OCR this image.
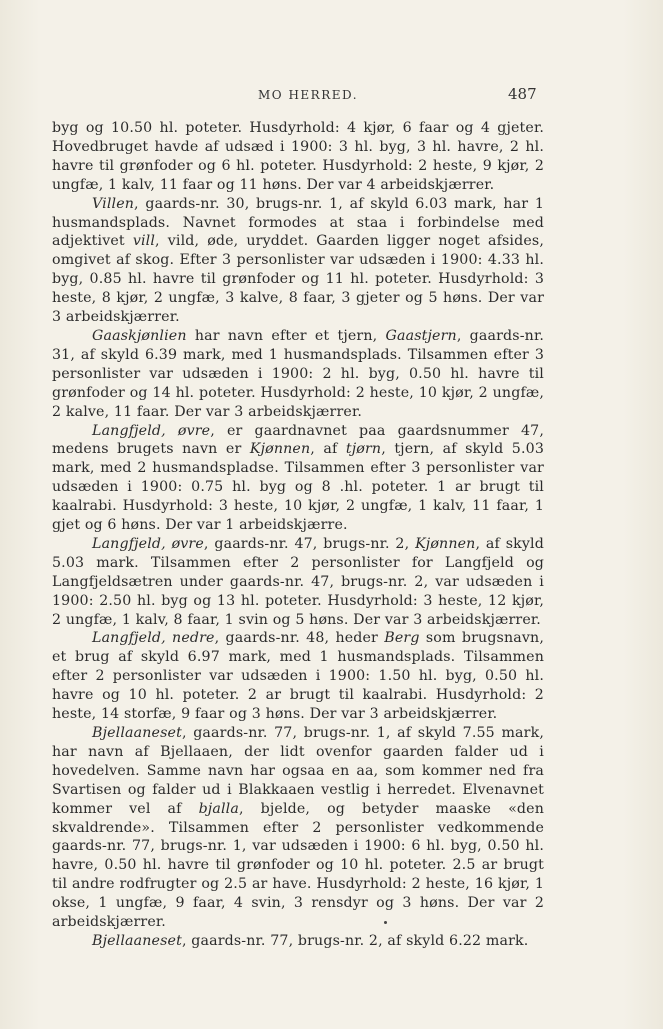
MO HERRED.	487

byg og 10.50 hl. poteter. Husdyrhold: 4 kjør, 6 faar og 4 gjeter. Hovedbruget havde af udsæd i 1900: 3 hl. byg, 3 hl. havre, 2 hl. havre til grønfoder og 6 hl. poteter. Husdyrhold: 2 heste, 9 kjør, 2 ungfæ, 1 kalv, 11 faar og 11 høns. Der var 4 arbeidskjærrer.

Villen, gaards-nr. 30, brugs-nr. 1, af skyld 6.03 mark, har 1 husmandsplads. Navnet formodes at staa i forbindelse med adjektivet vill, vild, øde, uryddet. Gaarden ligger noget afsides, omgivet af skog. Efter 3 personlister var udsæden i 1900: 4.33 hl. byg, 0.85 hl. havre til grønfoder og 11 hl. poteter. Husdyrhold: 3 heste, 8 kjør, 2 ungfæ, 3 kalve, 8 faar, 3 gjeter og 5 høns. Der var 3 arbeidskjærrer.

Gaaskjønlien har navn efter et tjern, Gaastjern, gaards-nr. 31, af skyld 6.39 mark, med 1 husmandsplads. Tilsammen efter 3 personlister var udsæden i 1900: 2 hl. byg, 0.50 hl. havre til grønfoder og 14 hl. poteter. Husdyrhold: 2 heste, 10 kjør, 2 ungfæ, 2 kalve, 11 faar. Der var 3 arbeidskjærrer.

Langfjeld, øvre, er gaardnavnet paa gaardsnummer 47, medens brugets navn er Kjønnen, af tjørn, tjern, af skyld 5.03 mark, med 2 husmandspladse. Tilsammen efter 3 personlister var udsæden i 1900: 0.75 hl. byg og 8 .hl. poteter. 1 ar brugt til kaalrabi. Husdyrhold: 3 heste, 10 kjør, 2 ungfæ, 1 kalv, 11 faar, 1 gjet og 6 høns. Der var 1 arbeidskjærre.

Langfjeld, øvre, gaards-nr. 47, brugs-nr. 2, Kjønnen, af skyld 5.03 mark. Tilsammen efter 2 personlister for Langfjeld og Langfjeldsætren under gaards-nr. 47, brugs-nr. 2, var udsæden i 1900: 2.50 hl. byg og 13 hl. poteter. Husdyrhold: 3 heste, 12 kjør, 2 ungfæ, 1 kalv, 8 faar, 1 svin og 5 høns. Der var 3 arbeidskjærrer.

Langfjeld, nedre, gaards-nr. 48, heder Berg som brugsnavn, et brug af skyld 6.97 mark, med 1 husmandsplads. Tilsammen efter 2 personlister var udsæden i 1900: 1.50 hl. byg, 0.50 hl. havre og 10 hl. poteter. 2 ar brugt til kaalrabi. Husdyrhold: 2 heste, 14 storfæ, 9 faar og 3 høns. Der var 3 arbeidskjærrer.

Bjellaaneset, gaards-nr. 77, brugs-nr. 1, af skyld 7.55 mark, har navn af Bjellaaen, der lidt ovenfor gaarden falder ud i hovedelven. Samme navn har ogsaa en aa, som kommer ned fra Svartisen og falder ud i Blakkaaen vestlig i herredet. Elvenavnet kommer vel af bjalla, bjelde, og betyder maaske «den skvaldrende». Tilsammen efter 2 personlister vedkommende gaards-nr. 77, brugs-nr. 1, var udsæden i 1900: 6 hl. byg, 0.50 hl. havre, 0.50 hl. havre til grønfoder og 10 hl. poteter. 2.5 ar brugt til andre rodfrugter og 2.5 ar have. Husdyrhold: 2 heste, 16 kjør, 1 okse, 1 ungfæ, 9 faar, 4 svin, 3 rensdyr og 3 høns. Der var 2 arbeidskjærrer.

Bjellaaneset, gaards-nr. 77, brugs-nr. 2, af skyld 6.22 mark.
